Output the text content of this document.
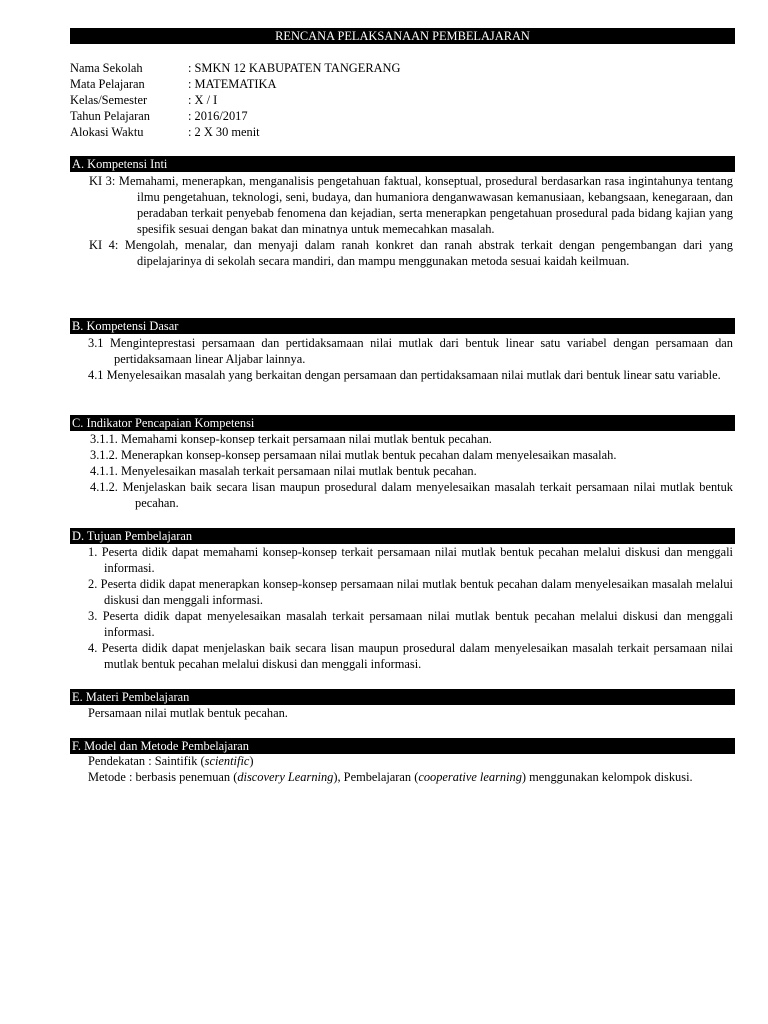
RENCANA PELAKSANAAN PEMBELAJARAN
Nama Sekolah	: SMKN 12 KABUPATEN TANGERANG
Mata Pelajaran	: MATEMATIKA
Kelas/Semester	: X / I
Tahun Pelajaran	: 2016/2017
Alokasi Waktu	: 2 X 30 menit
A. Kompetensi Inti

KI 3: Memahami, menerapkan, menganalisis pengetahuan faktual, konseptual, prosedural berdasarkan rasa ingintahunya tentang ilmu pengetahuan, teknologi, seni, budaya, dan humaniora denganwawasan kemanusiaan, kebangsaan, kenegaraan, dan peradaban terkait penyebab fenomena dan kejadian, serta menerapkan pengetahuan prosedural pada bidang kajian yang spesifik sesuai dengan bakat dan minatnya untuk memecahkan masalah.

KI 4: Mengolah, menalar, dan menyaji dalam ranah konkret dan ranah abstrak terkait dengan pengembangan dari yang dipelajarinya di sekolah secara mandiri, dan mampu menggunakan metoda sesuai kaidah keilmuan.

B. Kompetensi Dasar

3.1 Menginteprestasi persamaan dan pertidaksamaan nilai mutlak dari bentuk linear satu variabel dengan persamaan dan pertidaksamaan linear Aljabar lainnya.

4.1 Menyelesaikan masalah yang berkaitan dengan persamaan dan pertidaksamaan nilai mutlak dari bentuk linear satu variable.

C. Indikator Pencapaian Kompetensi

3.1.1. Memahami konsep-konsep terkait persamaan nilai mutlak bentuk pecahan.

3.1.2. Menerapkan konsep-konsep persamaan nilai mutlak bentuk pecahan dalam menyelesaikan masalah.

4.1.1. Menyelesaikan masalah terkait persamaan nilai mutlak bentuk pecahan.

4.1.2. Menjelaskan baik secara lisan maupun prosedural dalam menyelesaikan masalah terkait persamaan nilai mutlak bentuk pecahan.

D. Tujuan Pembelajaran

1. Peserta didik dapat memahami konsep-konsep terkait persamaan nilai mutlak bentuk pecahan melalui diskusi dan menggali informasi.

2. Peserta didik dapat menerapkan konsep-konsep persamaan nilai mutlak bentuk pecahan dalam menyelesaikan masalah melalui diskusi dan menggali informasi.

3. Peserta didik dapat menyelesaikan masalah terkait persamaan nilai mutlak bentuk pecahan melalui diskusi dan menggali informasi.

4. Peserta didik dapat menjelaskan baik secara lisan maupun prosedural dalam menyelesaikan masalah terkait persamaan nilai mutlak bentuk pecahan melalui diskusi dan menggali informasi.

E. Materi Pembelajaran

Persamaan nilai mutlak bentuk pecahan.

F. Model dan Metode Pembelajaran

Pendekatan : Saintifik (scientific)

Metode : berbasis penemuan (discovery Learning), Pembelajaran (cooperative learning) menggunakan kelompok diskusi.
